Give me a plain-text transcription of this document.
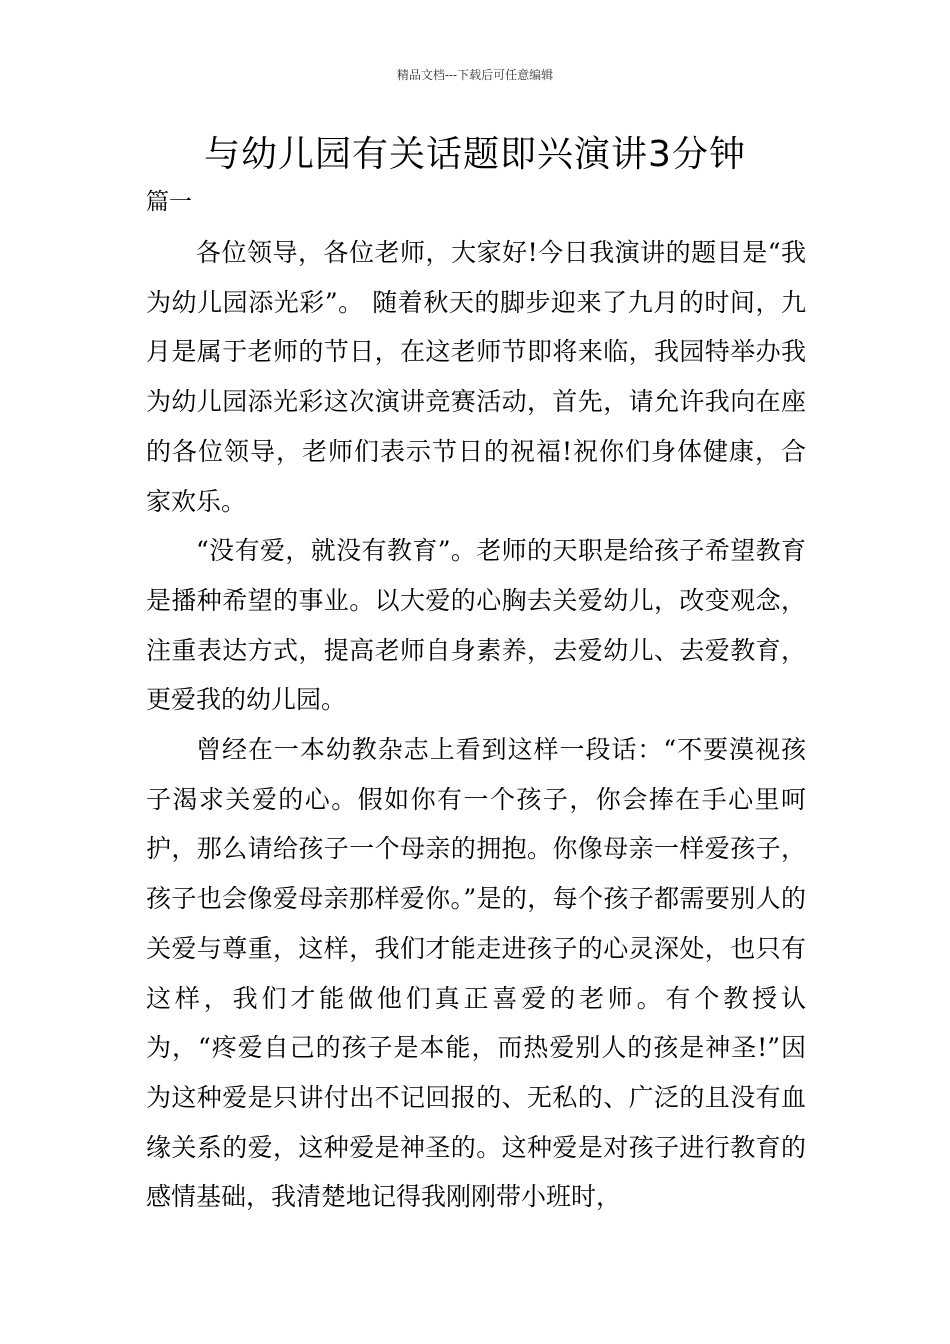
精品文档---下载后可任意编辑
与幼儿园有关话题即兴演讲3分钟
篇一

各位领导，各位老师，大家好!今日我演讲的题目是“我为幼儿园添光彩”。 随着秋天的脚步迎来了九月的时间，九月是属于老师的节日，在这老师节即将来临，我园特举办我为幼儿园添光彩这次演讲竞赛活动，首先，请允许我向在座的各位领导，老师们表示节日的祝福!祝你们身体健康，合家欢乐。

“没有爱，就没有教育”。老师的天职是给孩子希望教育是播种希望的事业。以大爱的心胸去关爱幼儿，改变观念，注重表达方式，提高老师自身素养，去爱幼儿、去爱教育，更爱我的幼儿园。

曾经在一本幼教杂志上看到这样一段话：“不要漠视孩子渴求关爱的心。假如你有一个孩子，你会捧在手心里呵护，那么请给孩子一个母亲的拥抱。你像母亲一样爱孩子，孩子也会像爱母亲那样爱你。”是的，每个孩子都需要别人的关爱与尊重，这样，我们才能走进孩子的心灵深处，也只有这样，我们才能做他们真正喜爱的老师。有个教授认为，“疼爱自己的孩子是本能，而热爱别人的孩是神圣!”因为这种爱是只讲付出不记回报的、无私的、广泛的且没有血缘关系的爱，这种爱是神圣的。这种爱是对孩子进行教育的感情基础，我清楚地记得我刚刚带小班时，
